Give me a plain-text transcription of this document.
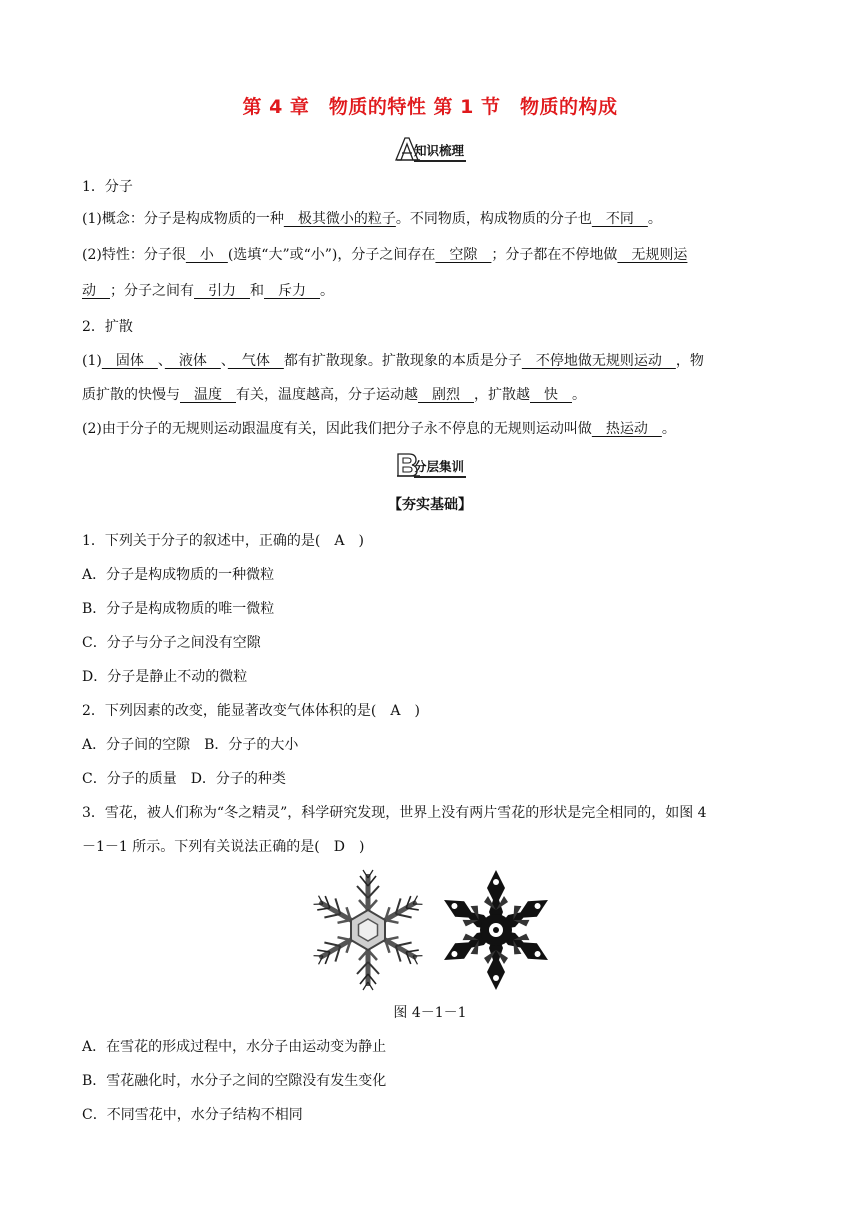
第 4 章　物质的特性 第 1 节　物质的构成
知识梳理
1．分子
(1)概念：分子是构成物质的一种　极其微小的粒子。不同物质，构成物质的分子也　不同　。
(2)特性：分子很　小　(选填“大”或“小”)，分子之间存在　空隙　；分子都在不停地做　无规则运
动　；分子之间有　引力　和　斥力　。
2．扩散
(1)　固体　、　液体　、　气体　都有扩散现象。扩散现象的本质是分子　不停地做无规则运动　，物
质扩散的快慢与　温度　有关，温度越高，分子运动越　剧烈　，扩散越　快　。
(2)由于分子的无规则运动跟温度有关，因此我们把分子永不停息的无规则运动叫做　热运动　。
分层集训
【夯实基础】
1．下列关于分子的叙述中，正确的是(　A　)
A．分子是构成物质的一种微粒
B．分子是构成物质的唯一微粒
C．分子与分子之间没有空隙
D．分子是静止不动的微粒
2．下列因素的改变，能显著改变气体体积的是(　A　)
A．分子间的空隙　B．分子的大小
C．分子的质量　D．分子的种类
3．雪花，被人们称为“冬之精灵”，科学研究发现，世界上没有两片雪花的形状是完全相同的，如图 4
－1－1 所示。下列有关说法正确的是(　D　)
图 4－1－1
A．在雪花的形成过程中，水分子由运动变为静止
B．雪花融化时，水分子之间的空隙没有发生变化
C．不同雪花中，水分子结构不相同
